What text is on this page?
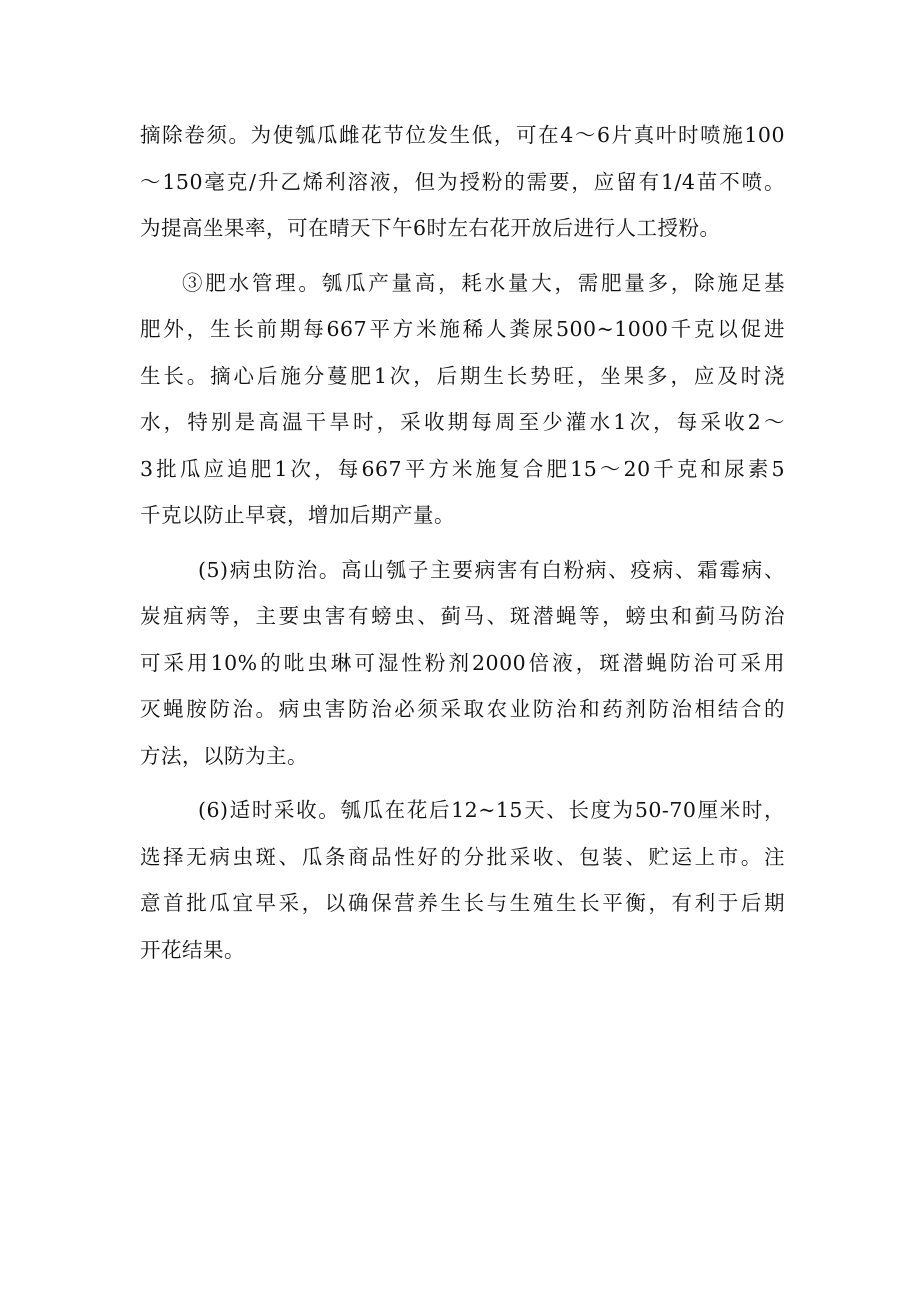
摘除卷须。为使瓠瓜雌花节位发生低，可在4～6片真叶时喷施100
～150毫克/升乙烯利溶液，但为授粉的需要，应留有1/4苗不喷。
为提高坐果率，可在晴天下午6时左右花开放后进行人工授粉。
③肥水管理。瓠瓜产量高，耗水量大，需肥量多，除施足基
肥外，生长前期每667平方米施稀人粪尿500~1000千克以促进
生长。摘心后施分蔓肥1次，后期生长势旺，坐果多，应及时浇
水，特别是高温干旱时，采收期每周至少灌水1次，每采收2～
3批瓜应追肥1次，每667平方米施复合肥15～20千克和尿素5
千克以防止早衰，增加后期产量。
(5)病虫防治。高山瓠子主要病害有白粉病、疫病、霜霉病、
炭疽病等，主要虫害有螃虫、蓟马、斑潜蝇等，螃虫和蓟马防治
可采用10%的吡虫琳可湿性粉剂2000倍液，斑潜蝇防治可采用
灭蝇胺防治。病虫害防治必须采取农业防治和药剂防治相结合的
方法，以防为主。
(6)适时采收。瓠瓜在花后12~15天、长度为50-70厘米时，
选择无病虫斑、瓜条商品性好的分批采收、包装、贮运上市。注
意首批瓜宜早采，以确保营养生长与生殖生长平衡，有利于后期
开花结果。
